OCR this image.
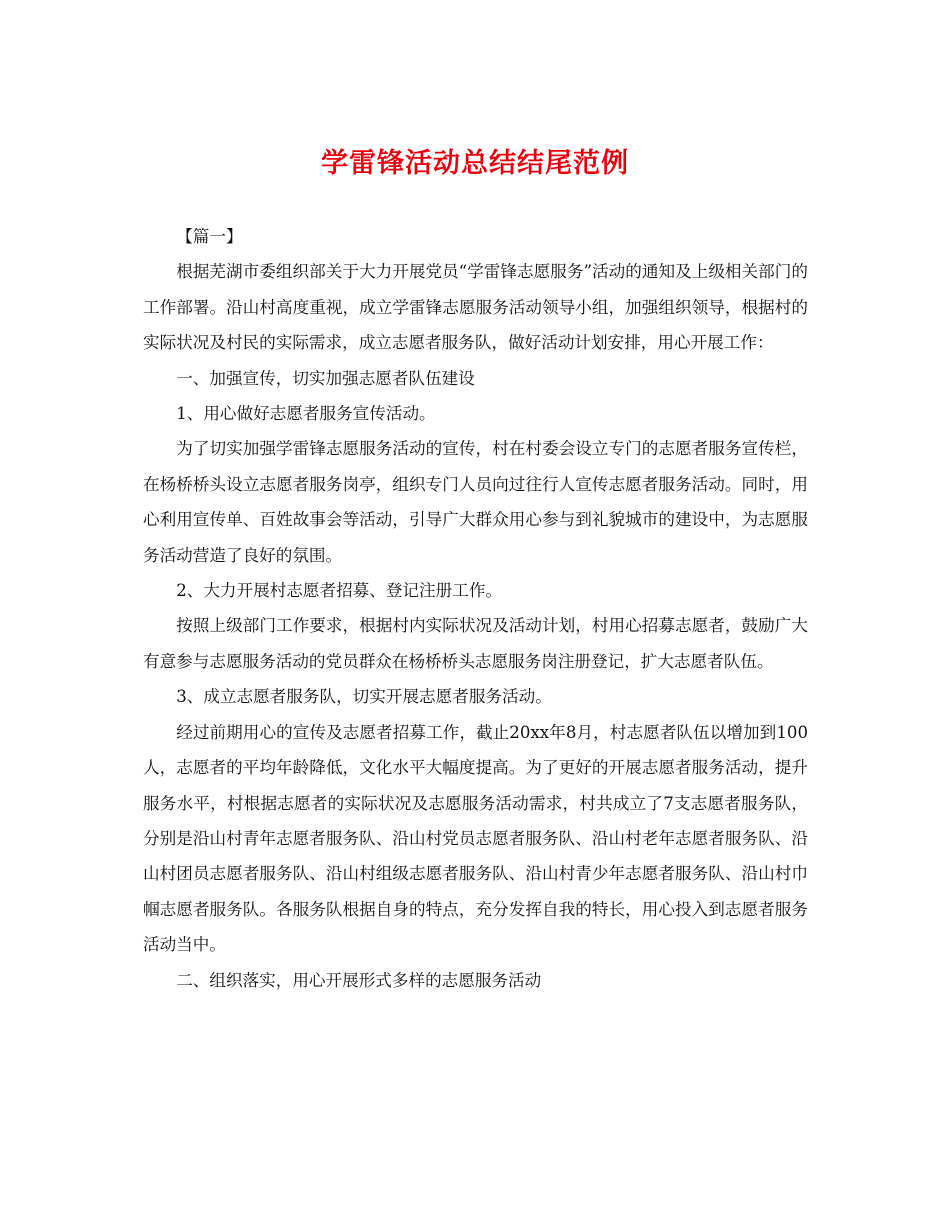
学雷锋活动总结结尾范例

【篇一】

根据芜湖市委组织部关于大力开展党员“学雷锋志愿服务”活动的通知及上级相关部门的工作部署。沿山村高度重视，成立学雷锋志愿服务活动领导小组，加强组织领导，根据村的实际状况及村民的实际需求，成立志愿者服务队，做好活动计划安排，用心开展工作：

一、加强宣传，切实加强志愿者队伍建设

1、用心做好志愿者服务宣传活动。

为了切实加强学雷锋志愿服务活动的宣传，村在村委会设立专门的志愿者服务宣传栏，在杨桥桥头设立志愿者服务岗亭，组织专门人员向过往行人宣传志愿者服务活动。同时，用心利用宣传单、百姓故事会等活动，引导广大群众用心参与到礼貌城市的建设中，为志愿服务活动营造了良好的氛围。

2、大力开展村志愿者招募、登记注册工作。

按照上级部门工作要求，根据村内实际状况及活动计划，村用心招募志愿者，鼓励广大有意参与志愿服务活动的党员群众在杨桥桥头志愿服务岗注册登记，扩大志愿者队伍。

3、成立志愿者服务队，切实开展志愿者服务活动。

经过前期用心的宣传及志愿者招募工作，截止20xx年8月，村志愿者队伍以增加到100人，志愿者的平均年龄降低，文化水平大幅度提高。为了更好的开展志愿者服务活动，提升服务水平，村根据志愿者的实际状况及志愿服务活动需求，村共成立了7支志愿者服务队，分别是沿山村青年志愿者服务队、沿山村党员志愿者服务队、沿山村老年志愿者服务队、沿山村团员志愿者服务队、沿山村组级志愿者服务队、沿山村青少年志愿者服务队、沿山村巾帼志愿者服务队。各服务队根据自身的特点，充分发挥自我的特长，用心投入到志愿者服务活动当中。

二、组织落实，用心开展形式多样的志愿服务活动
